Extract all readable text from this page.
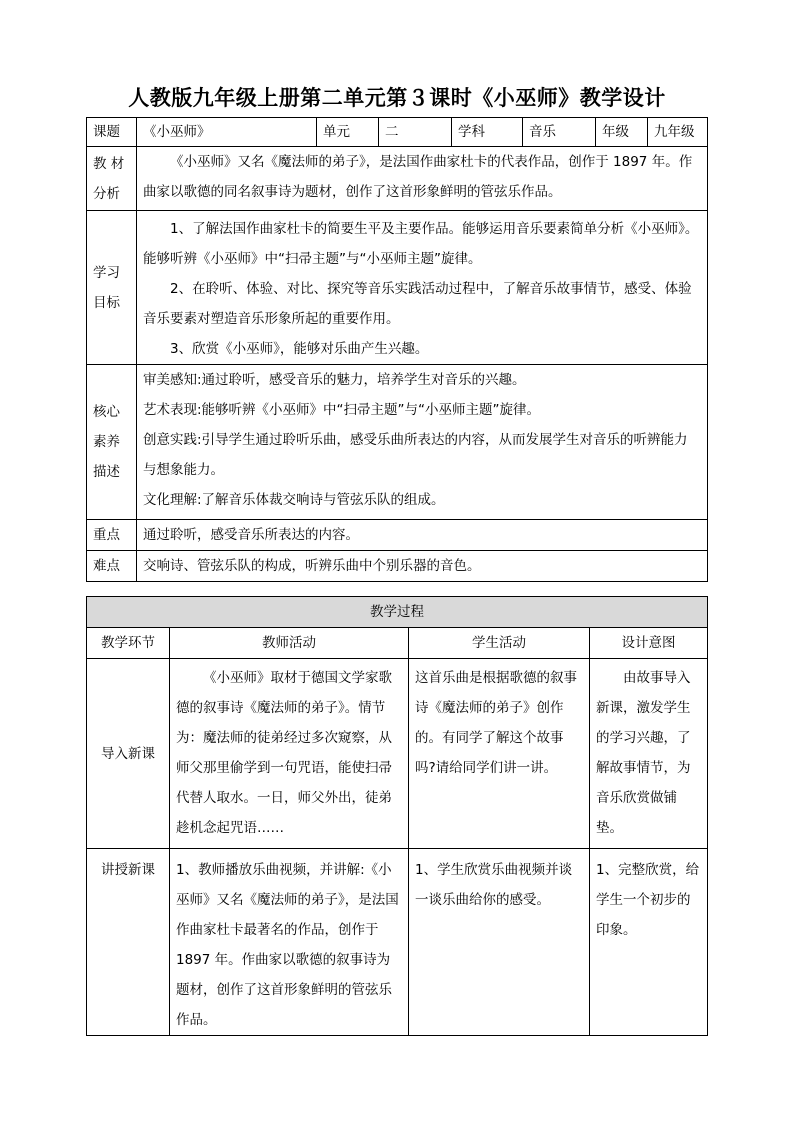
人教版九年级上册第二单元第３课时《小巫师》教学设计
课题	《小巫师》	单元	二	学科	音乐	年级	九年级

教 材
分析	《小巫师》又名《魔法师的弟子》，是法国作曲家杜卡的代表作品，创作于 1897 年。作曲家以歌德的同名叙事诗为题材，创作了这首形象鲜明的管弦乐作品。						

学习
目标	1、了解法国作曲家杜卡的简要生平及主要作品。能够运用音乐要素简单分析《小巫师》。能够听辨《小巫师》中“扫帚主题”与“小巫师主题”旋律。
2、在聆听、体验、对比、探究等音乐实践活动过程中，了解音乐故事情节，感受、体验音乐要素对塑造音乐形象所起的重要作用。
3、欣赏《小巫师》，能够对乐曲产生兴趣。						

核心
素养
描述	审美感知:通过聆听，感受音乐的魅力，培养学生对音乐的兴趣。
艺术表现:能够听辨《小巫师》中“扫帚主题”与“小巫师主题”旋律。
创意实践:引导学生通过聆听乐曲，感受乐曲所表达的内容，从而发展学生对音乐的听辨能力与想象能力。
文化理解:了解音乐体裁交响诗与管弦乐队的组成。						

重点	通过聆听，感受音乐所表达的内容。						
难点	交响诗、管弦乐队的构成，听辨乐曲中个别乐器的音色。						
教学过程			
教学环节	教师活动	学生活动	设计意图
导入新课	《小巫师》取材于德国文学家歌德的叙事诗《魔法师的弟子》。情节为：魔法师的徒弟经过多次窥察，从师父那里偷学到一句咒语，能使扫帚代替人取水。一日，师父外出，徒弟趁机念起咒语……	这首乐曲是根据歌德的叙事诗《魔法师的弟子》创作的。有同学了解这个故事吗?请给同学们讲一讲。	由故事导入新课，激发学生的学习兴趣，了解故事情节，为音乐欣赏做铺垫。
讲授新课	1、教师播放乐曲视频，并讲解:《小巫师》又名《魔法师的弟子》，是法国作曲家杜卡最著名的作品，创作于1897 年。作曲家以歌德的叙事诗为题材，创作了这首形象鲜明的管弦乐作品。	1、学生欣赏乐曲视频并谈一谈乐曲给你的感受。	1、完整欣赏，给学生一个初步的印象。
